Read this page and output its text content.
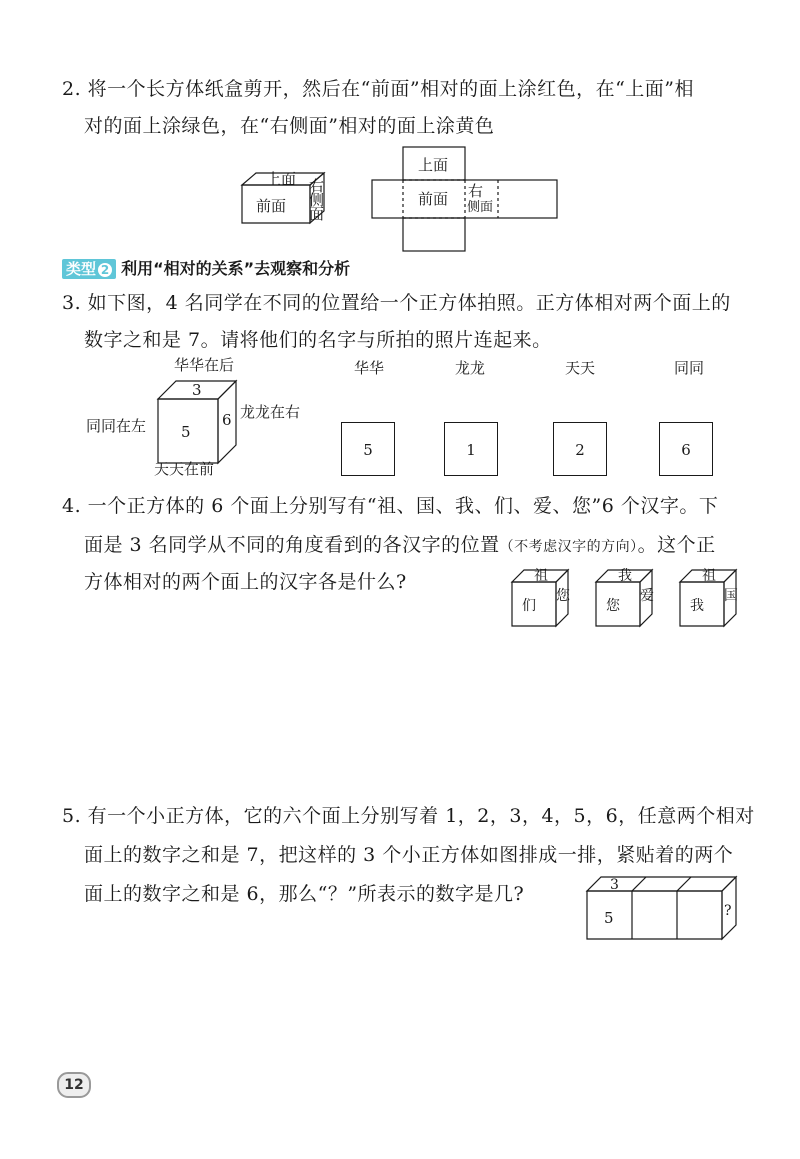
2. 将一个长方体纸盒剪开，然后在“前面”相对的面上涂红色，在“上面”相
对的面上涂绿色，在“右侧面”相对的面上涂黄色
上面
前面
右 侧 面
上面
前面 右
侧面
类型 2 利用“相对的关系”去观察和分析
3. 如下图，4 名同学在不同的位置给一个正方体拍照。正方体相对两个面上的
数字之和是 7。请将他们的名字与所拍的照片连起来。
华华在后
3
5
6 龙龙在右
同同在左
天天在前
华华	龙龙	天天	同同
5	1	2	6
4. 一个正方体的 6 个面上分别写有“祖、国、我、们、爱、您”6 个汉字。下
面是 3 名同学从不同的角度看到的各汉字的位置（不考虑汉字的方向）。这个正
方体相对的两个面上的汉字各是什么?	祖
们
您
我
您
爱
祖
我
国
5. 有一个小正方体，它的六个面上分别写着 1，2，3，4，5，6，任意两个相对
面上的数字之和是 7，把这样的 3 个小正方体如图排成一排，紧贴着的两个
面上的数字之和是 6，那么“？”所表示的数字是几?	3
5	?
12
